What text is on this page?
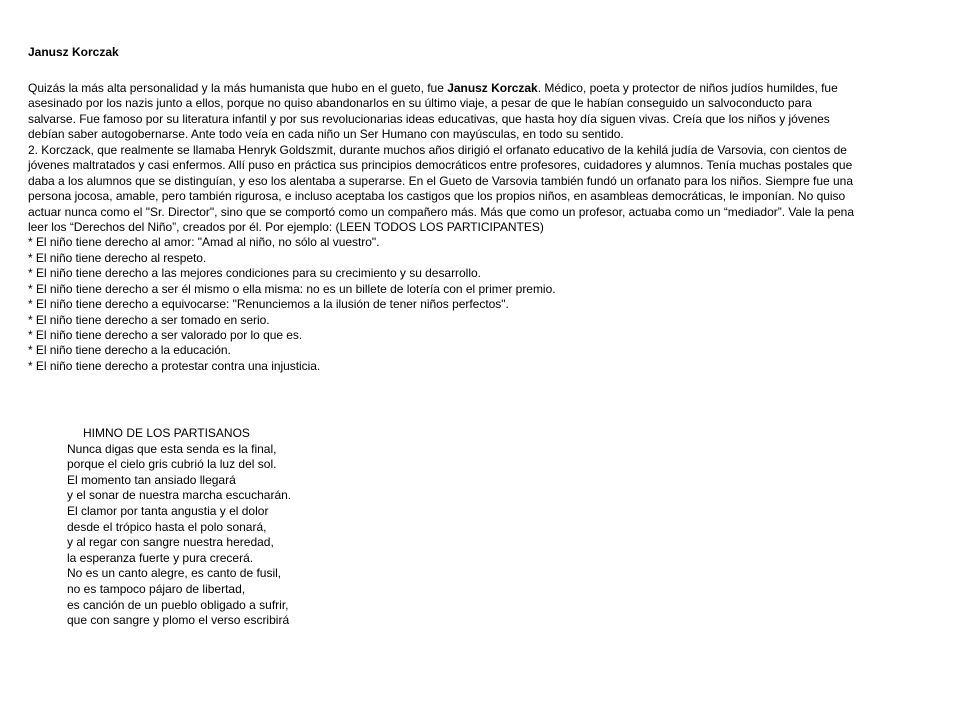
Janusz Korczak
Quizás la más alta personalidad y la más humanista que hubo en el gueto, fue Janusz Korczak. Médico, poeta y protector de niños judíos humildes, fue
asesinado por los nazis junto a ellos, porque no quiso abandonarlos en su último viaje, a pesar de que le habían conseguido un salvoconducto para
salvarse. Fue famoso por su literatura infantil y por sus revolucionarias ideas educativas, que hasta hoy día siguen vivas. Creía que los niños y jóvenes
debían saber autogobernarse. Ante todo veía en cada niño un Ser Humano con mayúsculas, en todo su sentido.
2. Korczack, que realmente se llamaba Henryk Goldszmit, durante muchos años dirigió el orfanato educativo de la kehilá judía de Varsovia, con cientos de
jóvenes maltratados y casi enfermos. Allí puso en práctica sus principios democráticos entre profesores, cuidadores y alumnos. Tenía muchas postales que
daba a los alumnos que se distinguían, y eso los alentaba a superarse. En el Gueto de Varsovia también fundó un orfanato para los niños. Siempre fue una
persona jocosa, amable, pero también rigurosa, e incluso aceptaba los castigos que los propios niños, en asambleas democráticas, le imponían. No quiso
actuar nunca como el "Sr. Director", sino que se comportó como un compañero más. Más que como un profesor, actuaba como un “mediador”. Vale la pena
leer los “Derechos del Niño”, creados por él. Por ejemplo: (LEEN TODOS LOS PARTICIPANTES)
* El niño tiene derecho al amor: "Amad al niño, no sólo al vuestro".
* El niño tiene derecho al respeto.
* El niño tiene derecho a las mejores condiciones para su crecimiento y su desarrollo.
* El niño tiene derecho a ser él mismo o ella misma: no es un billete de lotería con el primer premio.
* El niño tiene derecho a equivocarse: "Renunciemos a la ilusión de tener niños perfectos".
* El niño tiene derecho a ser tomado en serio.
* El niño tiene derecho a ser valorado por lo que es.
* El niño tiene derecho a la educación.
* El niño tiene derecho a protestar contra una injusticia.
HIMNO DE LOS PARTISANOS
Nunca digas que esta senda es la final,
porque el cielo gris cubrió la luz del sol.
El momento tan ansiado llegará
y el sonar de nuestra marcha escucharán.
El clamor por tanta angustia y el dolor
desde el trópico hasta el polo sonará,
y al regar con sangre nuestra heredad,
la esperanza fuerte y pura crecerá.
No es un canto alegre, es canto de fusil,
no es tampoco pájaro de libertad,
es canción de un pueblo obligado a sufrir,
que con sangre y plomo el verso escribirá
